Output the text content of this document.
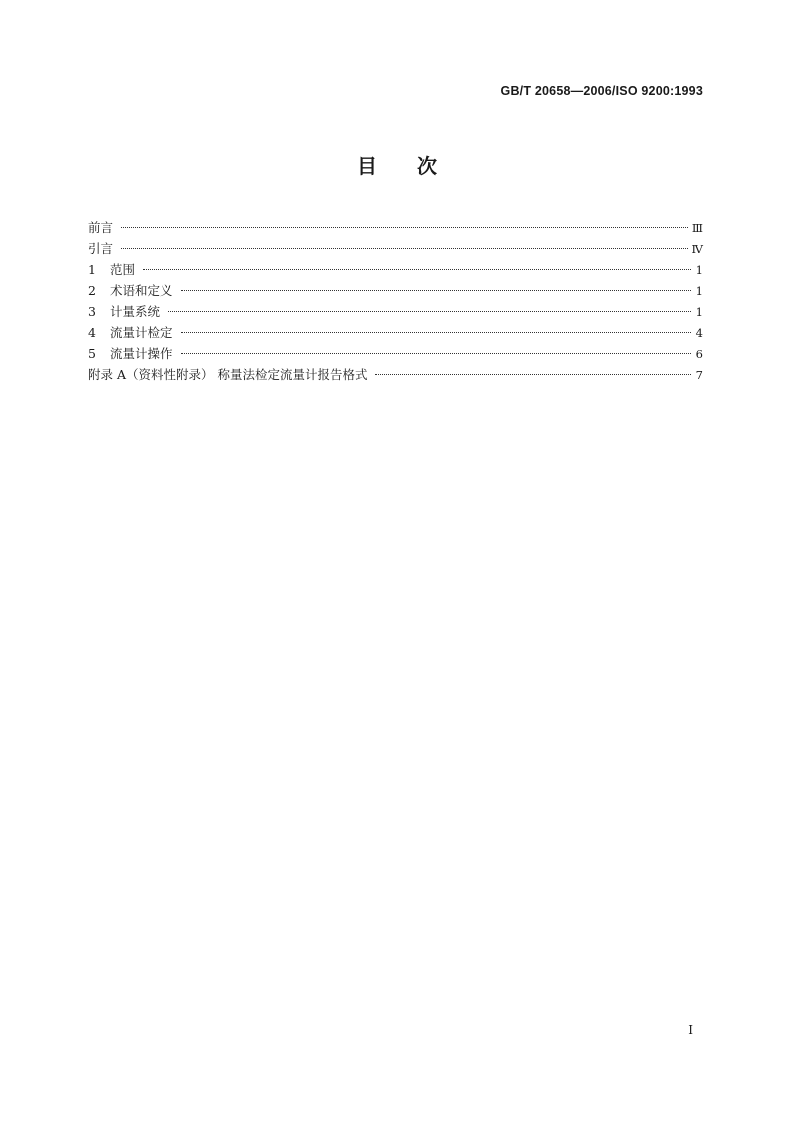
GB/T 20658—2006/ISO 9200:1993
目次
前言	Ⅲ
引言	Ⅳ
1	范围	1
2	术语和定义	1
3	计量系统	1
4	流量计检定	4
5	流量计操作	6
附录 A（资料性附录） 称量法检定流量计报告格式	7
I
